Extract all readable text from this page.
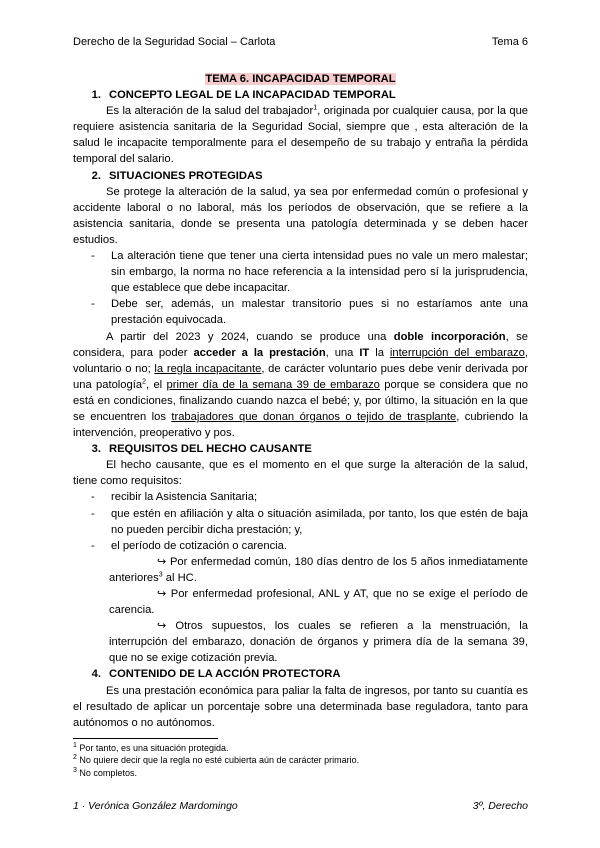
Derecho de la Seguridad Social – Carlota	Tema 6
TEMA 6. INCAPACIDAD TEMPORAL
1. CONCEPTO LEGAL DE LA INCAPACIDAD TEMPORAL

Es la alteración de la salud del trabajador$^1$, originada por cualquier causa, por la que requiere asistencia sanitaria de la Seguridad Social, siempre que , esta alteración de la salud le incapacite temporalmente para el desempeño de su trabajo y entraña la pérdida temporal del salario.

2. SITUACIONES PROTEGIDAS

Se protege la alteración de la salud, ya sea por enfermedad común o profesional y accidente laboral o no laboral, más los períodos de observación, que se refiere a la asistencia sanitaria, donde se presenta una patología determinada y se deben hacer estudios.

-	La alteración tiene que tener una cierta intensidad pues no vale un mero malestar; sin embargo, la norma no hace referencia a la intensidad pero sí la jurisprudencia, que establece que debe incapacitar.
-	Debe ser, además, un malestar transitorio pues si no estaríamos ante una prestación equivocada.

A partir del 2023 y 2024, cuando se produce una doble incorporación, se considera, para poder acceder a la prestación, una IT la interrupción del embarazo, voluntario o no; la regla incapacitante, de carácter voluntario pues debe venir derivada por una patología$^2$, el primer día de la semana 39 de embarazo porque se considera que no está en condiciones, finalizando cuando nazca el bebé; y, por último, la situación en la que se encuentren los trabajadores que donan órganos o tejido de trasplante, cubriendo la intervención, preoperativo y pos.

3. REQUISITOS DEL HECHO CAUSANTE

El hecho causante, que es el momento en el que surge la alteración de la salud, tiene como requisitos:

-	recibir la Asistencia Sanitaria;
-	que estén en afiliación y alta o situación asimilada, por tanto, los que estén de baja no pueden percibir dicha prestación; y,
-	el período de cotización o carencia.

↪ Por enfermedad común, 180 días dentro de los 5 años inmediatamente anteriores$^3$ al HC.

↪ Por enfermedad profesional, ANL y AT, que no se exige el período de carencia.

↪ Otros supuestos, los cuales se refieren a la menstruación, la interrupción del embarazo, donación de órganos y primera día de la semana 39, que no se exige cotización previa.

4. CONTENIDO DE LA ACCIÓN PROTECTORA

Es una prestación económica para paliar la falta de ingresos, por tanto su cuantía es el resultado de aplicar un porcentaje sobre una determinada base reguladora, tanto para autónomos o no autónomos.

$^1$ Por tanto, es una situación protegida.
$^2$ No quiere decir que la regla no esté cubierta aún de carácter primario.
$^3$ No completos.
1 · Verónica González Mardomingo	3º, Derecho
